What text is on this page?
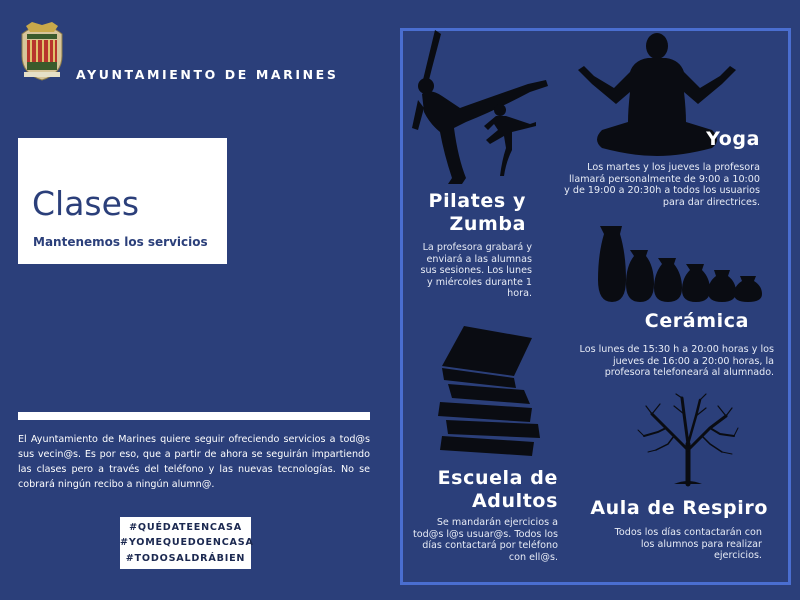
AYUNTAMIENTO DE MARINES
Clases
Mantenemos los servicios
El Ayuntamiento de Marines quiere seguir ofreciendo servicios a tod@s sus vecin@s. Es por eso, que a partir de ahora se seguirán impartiendo las clases pero a través del teléfono y las nuevas tecnologías. No se cobrará ningún recibo a ningún alumn@.
#QUÉDATEENCASA
#YOMEQUEDOENCASA
#TODOSALDRÁBIEN
Pilates y
Zumba
La profesora grabará y enviará a las alumnas sus sesiones. Los lunes y miércoles durante 1 hora.
Yoga
Los martes y los jueves la profesora llamará personalmente de 9:00 a 10:00 y de 19:00 a 20:30h a todos los usuarios para dar directrices.
Cerámica
Los lunes de 15:30 h a 20:00 horas y los jueves de 16:00 a 20:00 horas, la profesora telefoneará al alumnado.
Escuela de
Adultos
Se mandarán ejercicios a tod@s l@s usuar@s. Todos los días contactará por teléfono con ell@s.
Aula de Respiro
Todos los días contactarán con los alumnos para realizar ejercicios.
